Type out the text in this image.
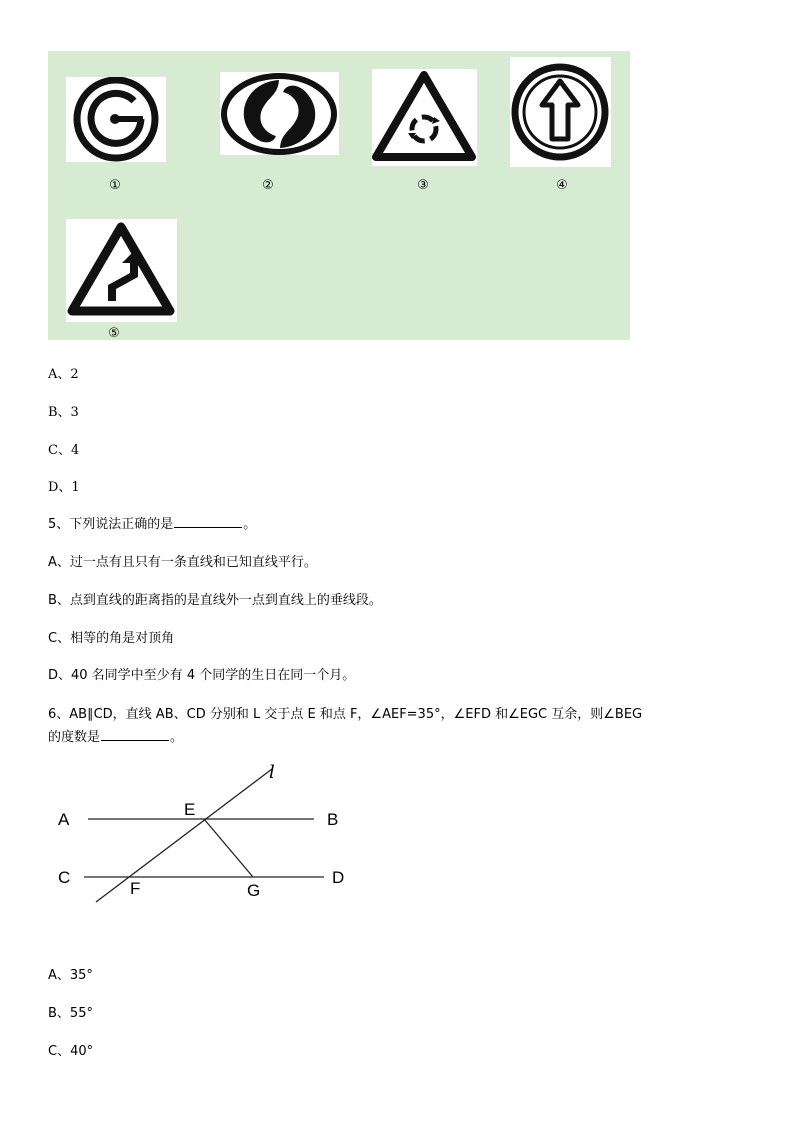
①	②	③	④
⑤
A、2
B、3
C、4
D、1
5、下列说法正确的是	。
A、过一点有且只有一条直线和已知直线平行。
B、点到直线的距离指的是直线外一点到直线上的垂线段。
C、相等的角是对顶角
D、40 名同学中至少有 4 个同学的生日在同一个月。
6、AB∥CD，直线 AB、CD 分别和 L 交于点 E 和点 F，∠AEF=35°，∠EFD 和∠EGC 互余，则∠BEG
的度数是	。
l
A
E
B
C
F	G
D
A、35°
B、55°
C、40°
